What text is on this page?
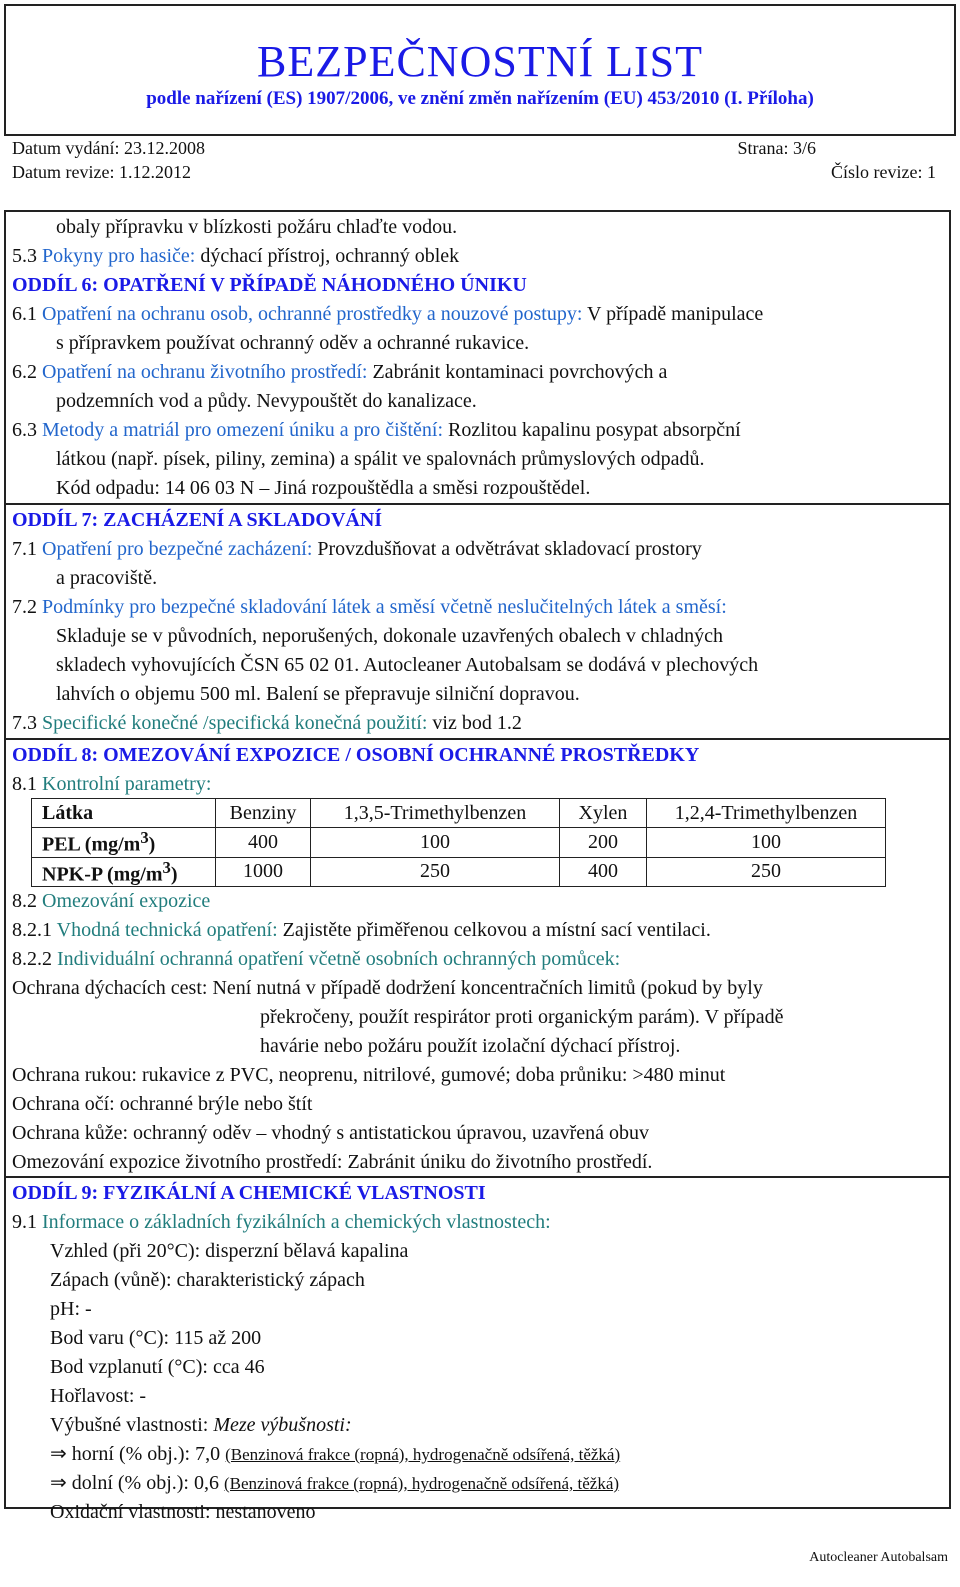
BEZPEČNOSTNÍ LIST
podle nařízení (ES) 1907/2006, ve znění změn nařízením (EU) 453/2010 (I. Příloha)
Datum vydání: 23.12.2008	Strana: 3/6
Datum revize: 1.12.2012	Číslo revize: 1
obaly přípravku v blízkosti požáru chlaďte vodou.
5.3 Pokyny pro hasiče: dýchací přístroj, ochranný oblek
ODDÍL 6: OPATŘENÍ V PŘÍPADĚ NÁHODNÉHO ÚNIKU
6.1 Opatření na ochranu osob, ochranné prostředky a nouzové postupy: V případě manipulace
s přípravkem používat ochranný oděv a ochranné rukavice.
6.2 Opatření na ochranu životního prostředí: Zabránit kontaminaci povrchových a
podzemních vod a půdy. Nevypouštět do kanalizace.
6.3 Metody a matriál pro omezení úniku a pro čištění: Rozlitou kapalinu posypat absorpční
látkou (např. písek, piliny, zemina) a spálit ve spalovnách průmyslových odpadů.
Kód odpadu: 14 06 03 N – Jiná rozpouštědla a směsi rozpouštědel.
ODDÍL 7: ZACHÁZENÍ A SKLADOVÁNÍ
7.1 Opatření pro bezpečné zacházení: Provzdušňovat a odvětrávat skladovací prostory
a pracoviště.
7.2 Podmínky pro bezpečné skladování látek a směsí včetně neslučitelných látek a směsí:
Skladuje se v původních, neporušených, dokonale uzavřených obalech v chladných
skladech vyhovujících ČSN 65 02 01. Autocleaner Autobalsam se dodává v plechových
lahvích o objemu 500 ml. Balení se přepravuje silniční dopravou.
7.3 Specifické konečné /specifická konečná použití: viz bod 1.2
ODDÍL 8: OMEZOVÁNÍ EXPOZICE / OSOBNÍ OCHRANNÉ PROSTŘEDKY
8.1 Kontrolní parametry:
Látka	Benziny	1,3,5-Trimethylbenzen	Xylen	1,2,4-Trimethylbenzen
PEL $(mg/m^3)$	400	100	200	100
NPK-P $(mg/m^3)$	1000	250	400	250
8.2 Omezování expozice
8.2.1 Vhodná technická opatření: Zajistěte přiměřenou celkovou a místní sací ventilaci.
8.2.2 Individuální ochranná opatření včetně osobních ochranných pomůcek:
Ochrana dýchacích cest: Není nutná v případě dodržení koncentračních limitů (pokud by byly
překročeny, použít respirátor proti organickým parám). V případě
havárie nebo požáru použít izolační dýchací přístroj.
Ochrana rukou: rukavice z PVC, neoprenu, nitrilové, gumové; doba průniku: >480 minut
Ochrana očí: ochranné brýle nebo štít
Ochrana kůže: ochranný oděv – vhodný s antistatickou úpravou, uzavřená obuv
Omezování expozice životního prostředí: Zabránit úniku do životního prostředí.
ODDÍL 9: FYZIKÁLNÍ A CHEMICKÉ VLASTNOSTI
9.1 Informace o základních fyzikálních a chemických vlastnostech:
Vzhled (při 20°C): disperzní bělavá kapalina
Zápach (vůně): charakteristický zápach
pH: -
Bod varu (°C): 115 až 200
Bod vzplanutí (°C): cca 46
Hořlavost: -
Výbušné vlastnosti: Meze výbušnosti:
⇒ horní (% obj.): 7,0 (Benzinová frakce (ropná), hydrogenačně odsířená, těžká)
⇒ dolní (% obj.): 0,6 (Benzinová frakce (ropná), hydrogenačně odsířená, těžká)
Oxidační vlastnosti: nestanoveno
Autocleaner Autobalsam
